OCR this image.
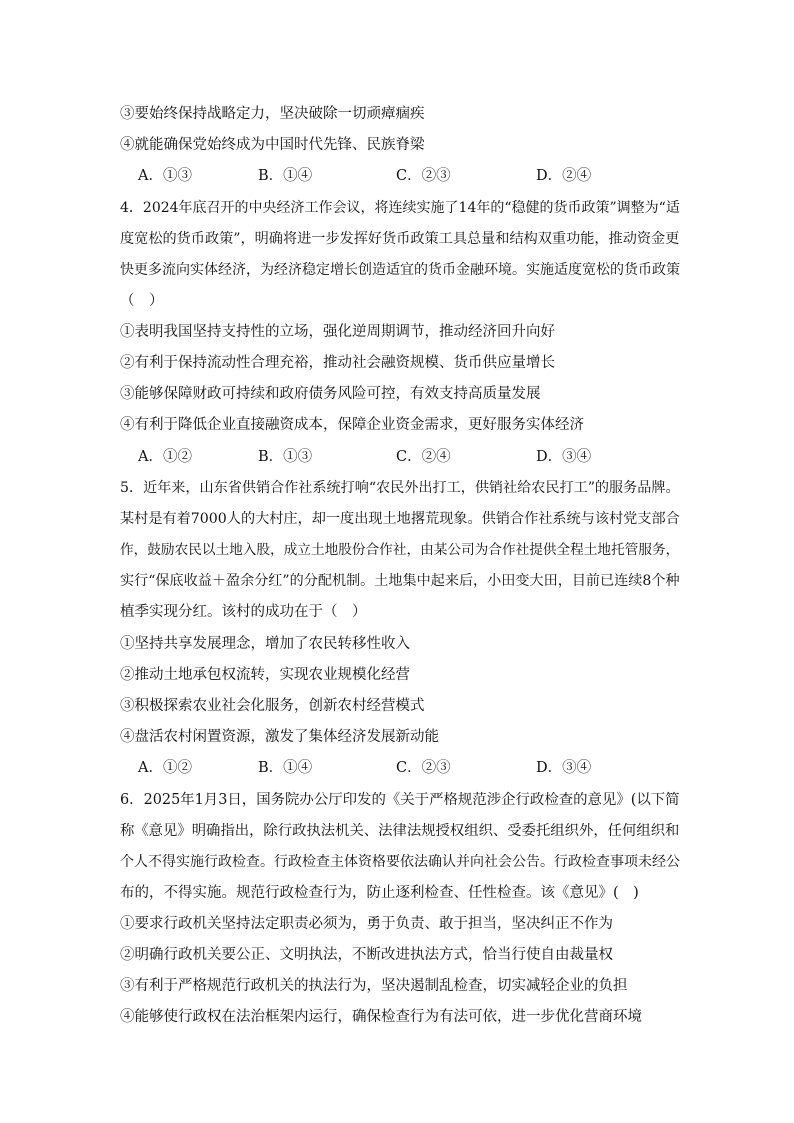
③要始终保持战略定力，坚决破除一切顽瘴痼疾
④就能确保党始终成为中国时代先锋、民族脊梁
A．①③	B．①④	C．②③	D．②④
4．2024年底召开的中央经济工作会议，将连续实施了14年的“稳健的货币政策”调整为“适
度宽松的货币政策”，明确将进一步发挥好货币政策工具总量和结构双重功能，推动资金更
快更多流向实体经济，为经济稳定增长创造适宜的货币金融环境。实施适度宽松的货币政策
（　）
①表明我国坚持支持性的立场，强化逆周期调节，推动经济回升向好
②有利于保持流动性合理充裕，推动社会融资规模、货币供应量增长
③能够保障财政可持续和政府债务风险可控，有效支持高质量发展
④有利于降低企业直接融资成本，保障企业资金需求，更好服务实体经济
A．①②	B．①③	C．②④	D．③④
5．近年来，山东省供销合作社系统打响“农民外出打工，供销社给农民打工”的服务品牌。
某村是有着7000人的大村庄，却一度出现土地撂荒现象。供销合作社系统与该村党支部合
作，鼓励农民以土地入股，成立土地股份合作社，由某公司为合作社提供全程土地托管服务，
实行“保底收益＋盈余分红”的分配机制。土地集中起来后，小田变大田，目前已连续8个种
植季实现分红。该村的成功在于（　）
①坚持共享发展理念，增加了农民转移性收入
②推动土地承包权流转，实现农业规模化经营
③积极探索农业社会化服务，创新农村经营模式
④盘活农村闲置资源，激发了集体经济发展新动能
A．①②	B．①④	C．②③	D．③④
6．2025年1月3日，国务院办公厅印发的《关于严格规范涉企行政检查的意见》(以下简
称《意见》明确指出，除行政执法机关、法律法规授权组织、受委托组织外，任何组织和
个人不得实施行政检查。行政检查主体资格要依法确认并向社会公告。行政检查事项未经公
布的，不得实施。规范行政检查行为，防止逐利检查、任性检查。该《意见》(　)
①要求行政机关坚持法定职责必须为，勇于负责、敢于担当，坚决纠正不作为
②明确行政机关要公正、文明执法，不断改进执法方式，恰当行使自由裁量权
③有利于严格规范行政机关的执法行为，坚决遏制乱检查，切实减轻企业的负担
④能够使行政权在法治框架内运行，确保检查行为有法可依，进一步优化营商环境
